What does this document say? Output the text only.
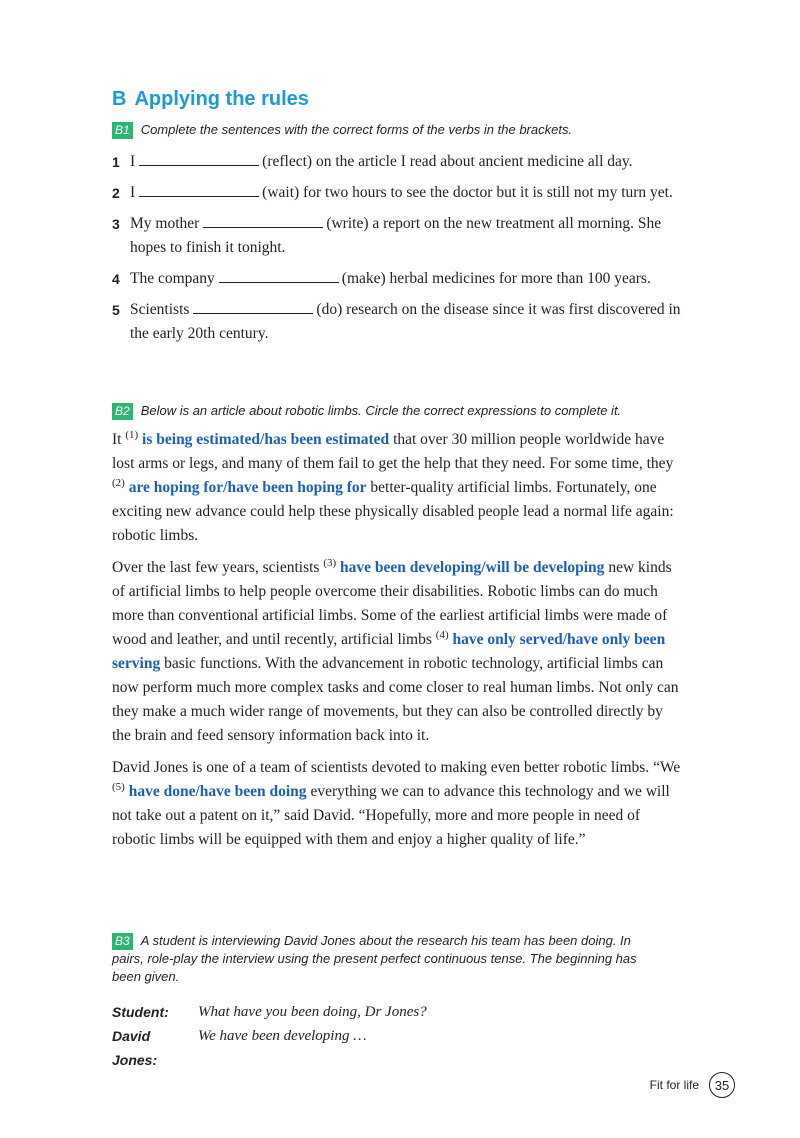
B Applying the rules
B1 Complete the sentences with the correct forms of the verbs in the brackets.
1 I	(reflect) on the article I read about ancient medicine all day.
2 I	(wait) for two hours to see the doctor but it is still not my turn yet.
3 My mother	(write) a report on the new treatment all morning. She hopes to finish it tonight.
4 The company	(make) herbal medicines for more than 100 years.
5 Scientists	(do) research on the disease since it was first discovered in the early 20th century.
B2 Below is an article about robotic limbs. Circle the correct expressions to complete it.

It $^{(1)}$ is being estimated/has been estimated that over 30 million people worldwide have lost arms or legs, and many of them fail to get the help that they need. For some time, they $^{(2)}$ are hoping for/have been hoping for better-quality artificial limbs. Fortunately, one exciting new advance could help these physically disabled people lead a normal life again: robotic limbs.

Over the last few years, scientists $^{(3)}$ have been developing/will be developing new kinds of artificial limbs to help people overcome their disabilities. Robotic limbs can do much more than conventional artificial limbs. Some of the earliest artificial limbs were made of wood and leather, and until recently, artificial limbs $^{(4)}$ have only served/have only been serving basic functions. With the advancement in robotic technology, artificial limbs can now perform much more complex tasks and come closer to real human limbs. Not only can they make a much wider range of movements, but they can also be controlled directly by the brain and feed sensory information back into it.

David Jones is one of a team of scientists devoted to making even better robotic limbs. “We $^{(5)}$ have done/have been doing everything we can to advance this technology and we will not take out a patent on it,” said David. “Hopefully, more and more people in need of robotic limbs will be equipped with them and enjoy a higher quality of life.”

B3 A student is interviewing David Jones about the research his team has been doing. In pairs, role-play the interview using the present perfect continuous tense. The beginning has been given.
Student:	What have you been doing, Dr Jones?
David Jones:
We have been developing …
Fit for life	35
